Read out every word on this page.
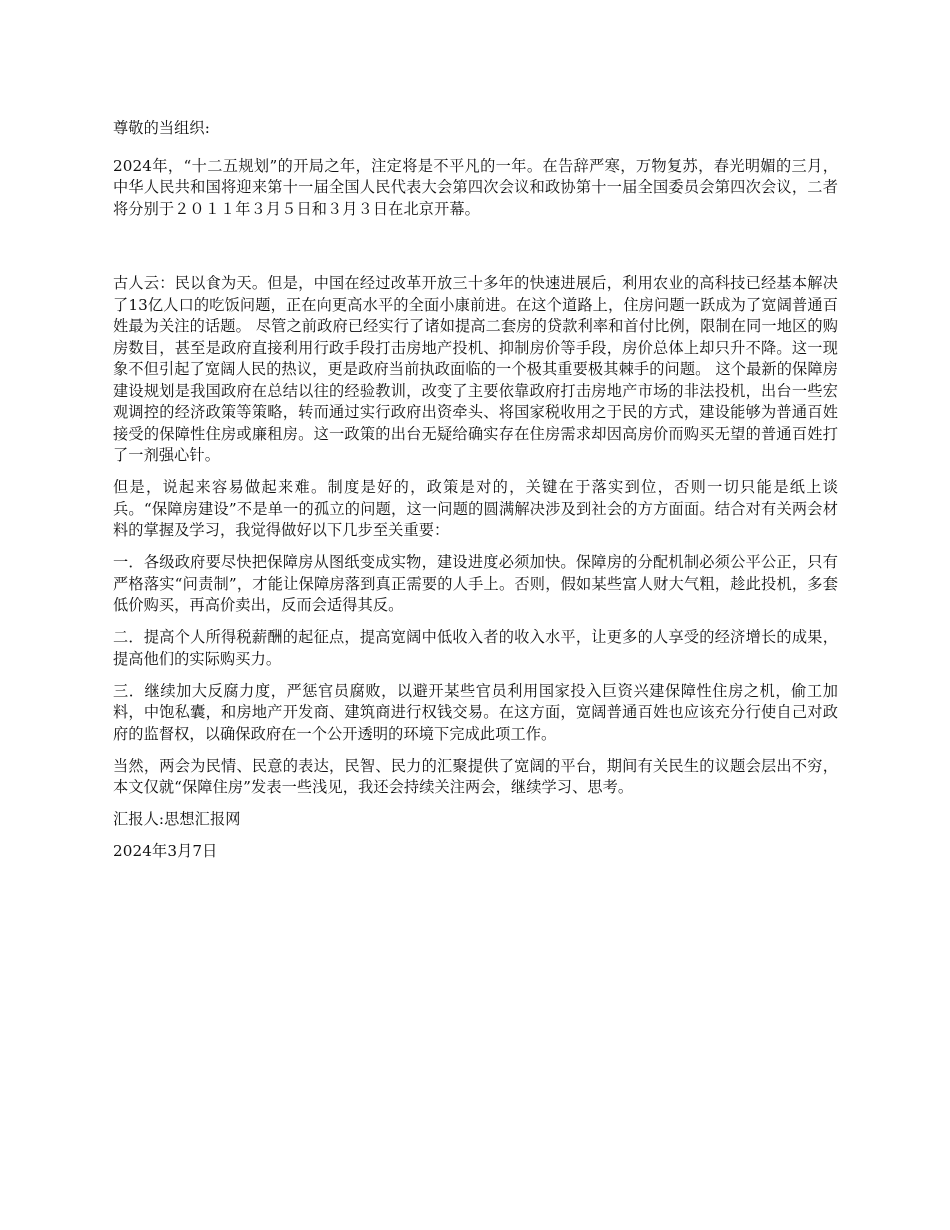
尊敬的当组织:

2024年，“十二五规划”的开局之年，注定将是不平凡的一年。在告辞严寒，万物复苏，春光明媚的三月，中华人民共和国将迎来第十一届全国人民代表大会第四次会议和政协第十一届全国委员会第四次会议，二者将分别于２０１１年３月５日和３月３日在北京开幕。

古人云：民以食为天。但是，中国在经过改革开放三十多年的快速进展后，利用农业的高科技已经基本解决了13亿人口的吃饭问题，正在向更高水平的全面小康前进。在这个道路上，住房问题一跃成为了宽阔普通百姓最为关注的话题。 尽管之前政府已经实行了诸如提高二套房的贷款利率和首付比例，限制在同一地区的购房数目，甚至是政府直接利用行政手段打击房地产投机、抑制房价等手段，房价总体上却只升不降。这一现象不但引起了宽阔人民的热议，更是政府当前执政面临的一个极其重要极其棘手的问题。 这个最新的保障房建设规划是我国政府在总结以往的经验教训，改变了主要依靠政府打击房地产市场的非法投机，出台一些宏观调控的经济政策等策略，转而通过实行政府出资牵头、将国家税收用之于民的方式，建设能够为普通百姓接受的保障性住房或廉租房。这一政策的出台无疑给确实存在住房需求却因高房价而购买无望的普通百姓打了一剂强心针。

但是，说起来容易做起来难。制度是好的，政策是对的，关键在于落实到位，否则一切只能是纸上谈兵。“保障房建设”不是单一的孤立的问题，这一问题的圆满解决涉及到社会的方方面面。结合对有关两会材料的掌握及学习，我觉得做好以下几步至关重要：

一．各级政府要尽快把保障房从图纸变成实物，建设进度必须加快。保障房的分配机制必须公平公正，只有严格落实“问责制”，才能让保障房落到真正需要的人手上。否则，假如某些富人财大气粗，趁此投机，多套低价购买，再高价卖出，反而会适得其反。

二．提高个人所得税薪酬的起征点，提高宽阔中低收入者的收入水平，让更多的人享受的经济增长的成果，提高他们的实际购买力。

三．继续加大反腐力度，严惩官员腐败，以避开某些官员利用国家投入巨资兴建保障性住房之机，偷工加料，中饱私囊，和房地产开发商、建筑商进行权钱交易。在这方面，宽阔普通百姓也应该充分行使自己对政府的监督权，以确保政府在一个公开透明的环境下完成此项工作。

当然，两会为民情、民意的表达，民智、民力的汇聚提供了宽阔的平台，期间有关民生的议题会层出不穷，本文仅就“保障住房”发表一些浅见，我还会持续关注两会，继续学习、思考。

汇报人:思想汇报网

2024年3月7日
